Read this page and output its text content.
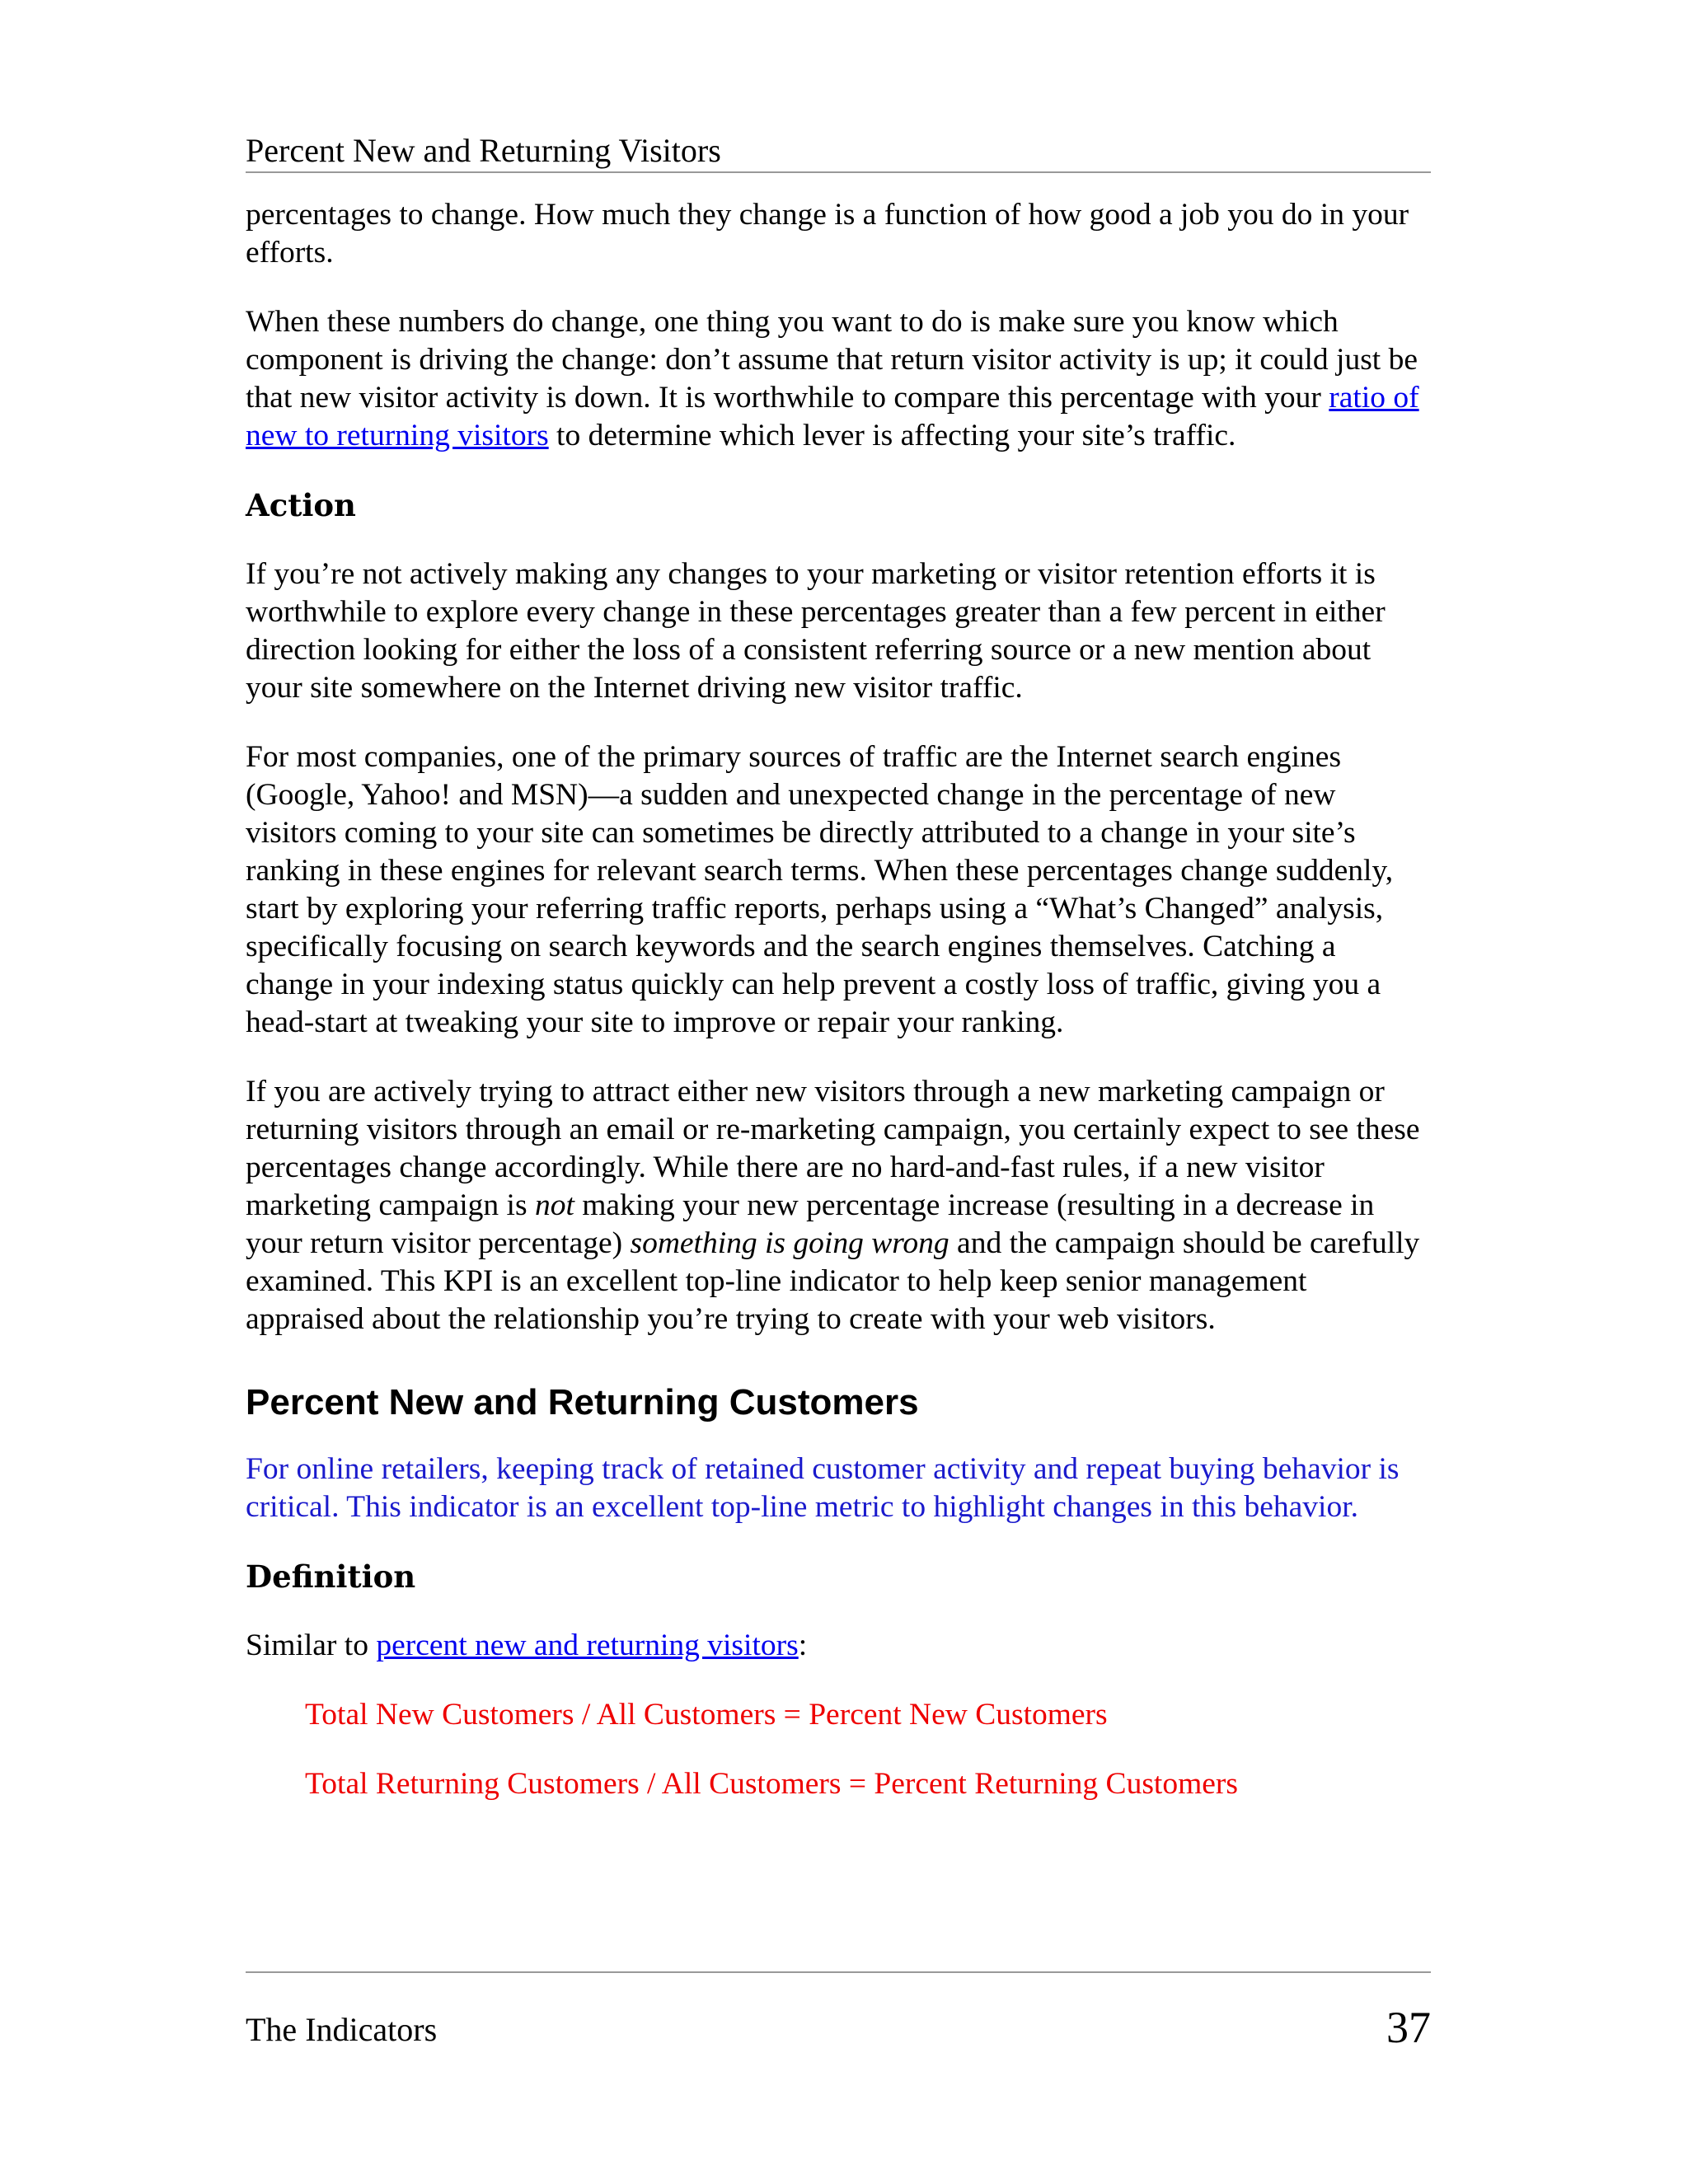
Percent New and Returning Visitors

percentages to change. How much they change is a function of how good a job you do in your efforts.

When these numbers do change, one thing you want to do is make sure you know which component is driving the change: don’t assume that return visitor activity is up; it could just be that new visitor activity is down. It is worthwhile to compare this percentage with your ratio of new to returning visitors to determine which lever is affecting your site’s traffic.

Action

If you’re not actively making any changes to your marketing or visitor retention efforts it is worthwhile to explore every change in these percentages greater than a few percent in either direction looking for either the loss of a consistent referring source or a new mention about your site somewhere on the Internet driving new visitor traffic.

For most companies, one of the primary sources of traffic are the Internet search engines (Google, Yahoo! and MSN)—a sudden and unexpected change in the percentage of new visitors coming to your site can sometimes be directly attributed to a change in your site’s ranking in these engines for relevant search terms. When these percentages change suddenly, start by exploring your referring traffic reports, perhaps using a “What’s Changed” analysis, specifically focusing on search keywords and the search engines themselves. Catching a change in your indexing status quickly can help prevent a costly loss of traffic, giving you a head-start at tweaking your site to improve or repair your ranking.

If you are actively trying to attract either new visitors through a new marketing campaign or returning visitors through an email or re-marketing campaign, you certainly expect to see these percentages change accordingly. While there are no hard-and-fast rules, if a new visitor marketing campaign is not making your new percentage increase (resulting in a decrease in your return visitor percentage) something is going wrong and the campaign should be carefully examined. This KPI is an excellent top-line indicator to help keep senior management appraised about the relationship you’re trying to create with your web visitors.

Percent New and Returning Customers

For online retailers, keeping track of retained customer activity and repeat buying behavior is critical. This indicator is an excellent top-line metric to highlight changes in this behavior.

Definition

Similar to percent new and returning visitors:

Total New Customers / All Customers = Percent New Customers

Total Returning Customers / All Customers = Percent Returning Customers

The Indicators	37
